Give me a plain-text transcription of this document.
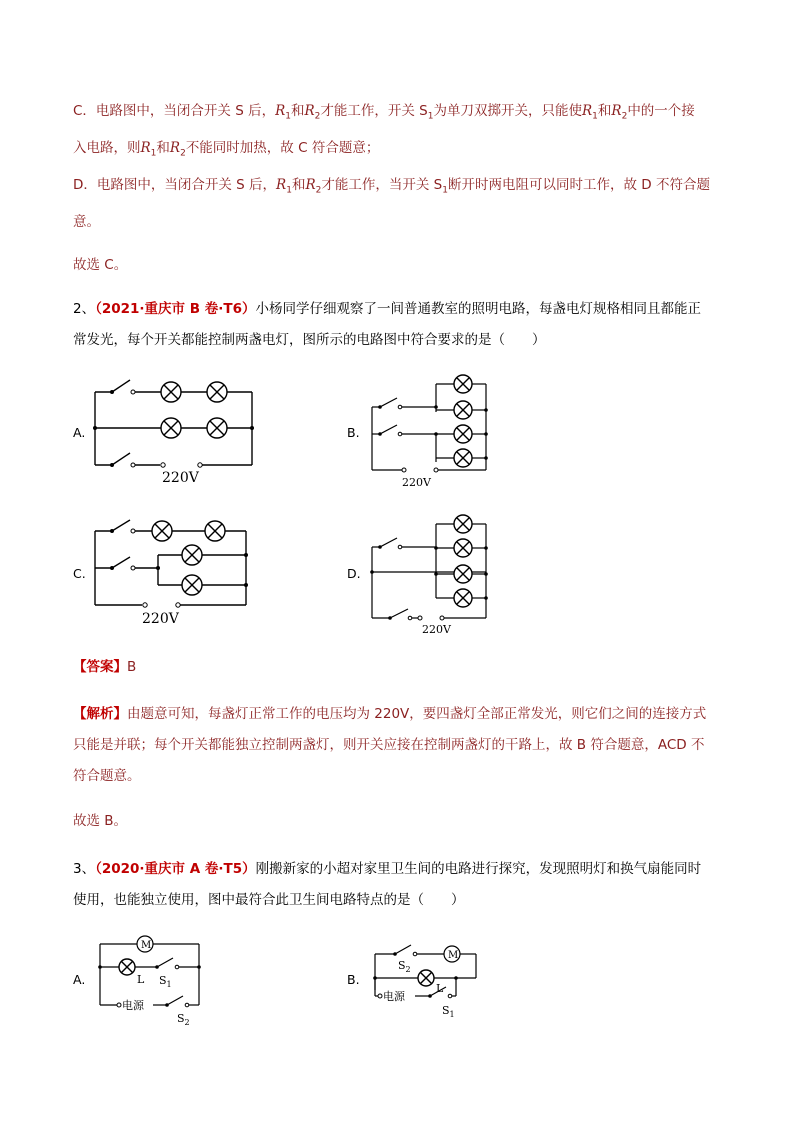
C．电路图中，当闭合开关 S 后，$R_1$和$R_2$才能工作，开关 $S_1$为单刀双掷开关，只能使$R_1$和$R_2$中的一个接
入电路，则$R_1$和$R_2$不能同时加热，故 C 符合题意；
D．电路图中，当闭合开关 S 后，$R_1$和$R_2$才能工作，当开关 $S_1$断开时两电阻可以同时工作，故 D 不符合题
意。
故选 C。
2、（2021·重庆市 B 卷·T6）小杨同学仔细观察了一间普通教室的照明电路，每盏电灯规格相同且都能正
常发光，每个开关都能控制两盏电灯，图所示的电路图中符合要求的是（　　）
A.
220V
B.
220V
C.
220V
D.
220V
【答案】B
【解析】由题意可知，每盏灯正常工作的电压均为 220V，要四盏灯全部正常发光，则它们之间的连接方式
只能是并联；每个开关都能独立控制两盏灯，则开关应接在控制两盏灯的干路上，故 B 符合题意，ACD 不
符合题意。
故选 B。
3、（2020·重庆市 A 卷·T5）刚搬新家的小超对家里卫生间的电路进行探究，发现照明灯和换气扇能同时
使用，也能独立使用，图中最符合此卫生间电路特点的是（　　）
A.
M
L $S_1$
电源
$S_2$
B.
M
L
$S_2$
电源
$S_1$
